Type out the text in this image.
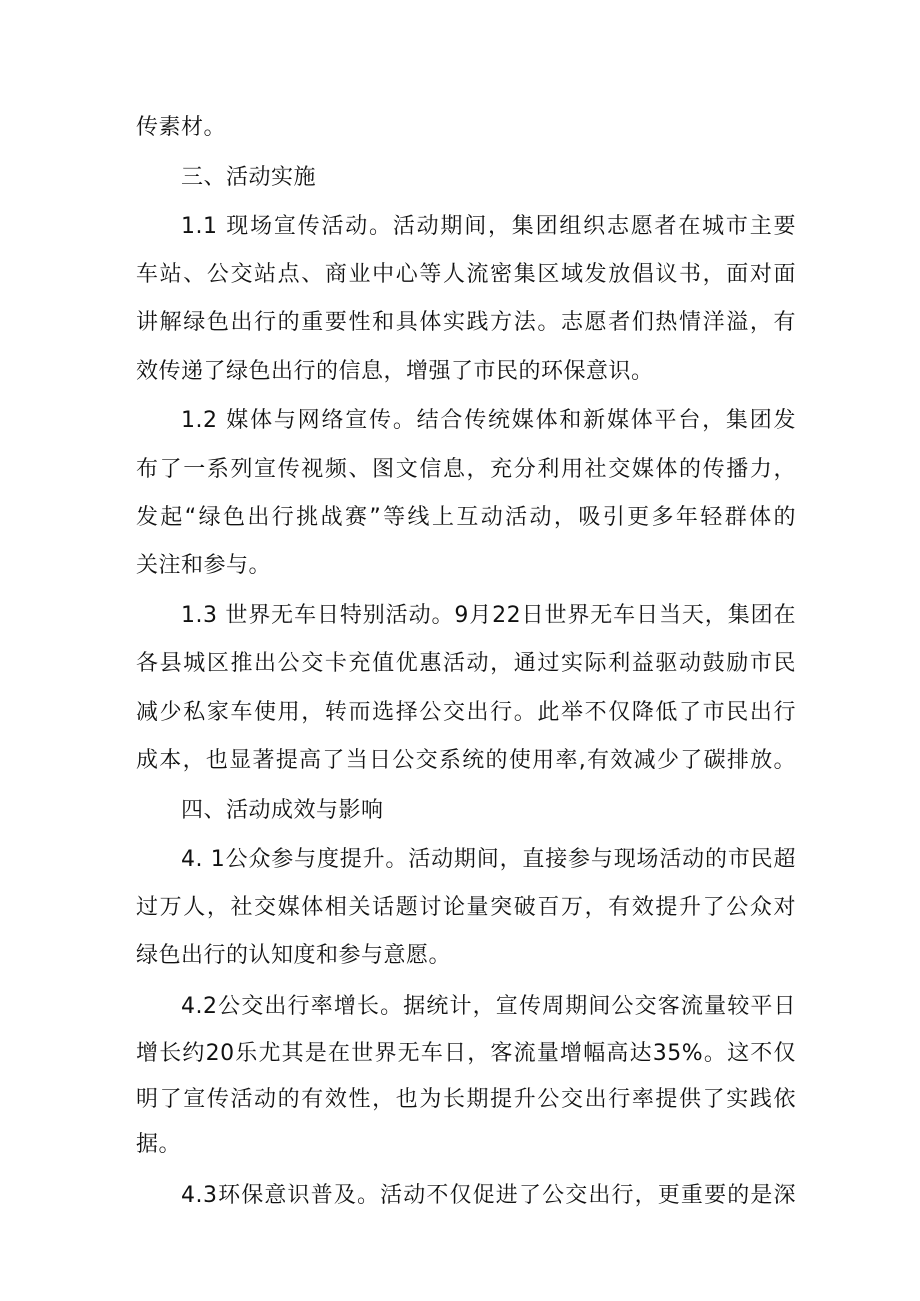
传素材。
三、活动实施
1.1 现场宣传活动。活动期间，集团组织志愿者在城市主要
车站、公交站点、商业中心等人流密集区域发放倡议书，面对面
讲解绿色出行的重要性和具体实践方法。志愿者们热情洋溢，有
效传递了绿色出行的信息，增强了市民的环保意识。
1.2 媒体与网络宣传。结合传统媒体和新媒体平台，集团发
布了一系列宣传视频、图文信息，充分利用社交媒体的传播力，
发起“绿色出行挑战赛”等线上互动活动，吸引更多年轻群体的
关注和参与。
1.3 世界无车日特别活动。9月22日世界无车日当天，集团在
各县城区推出公交卡充值优惠活动，通过实际利益驱动鼓励市民
减少私家车使用，转而选择公交出行。此举不仅降低了市民出行
成本，也显著提高了当日公交系统的使用率,有效减少了碳排放。
四、活动成效与影响
4. 1公众参与度提升。活动期间，直接参与现场活动的市民超
过万人，社交媒体相关话题讨论量突破百万，有效提升了公众对
绿色出行的认知度和参与意愿。
4.2公交出行率增长。据统计，宣传周期间公交客流量较平日
增长约20乐尤其是在世界无车日，客流量增幅高达35%。这不仅
明了宣传活动的有效性，也为长期提升公交出行率提供了实践依
据。
4.3环保意识普及。活动不仅促进了公交出行，更重要的是深
